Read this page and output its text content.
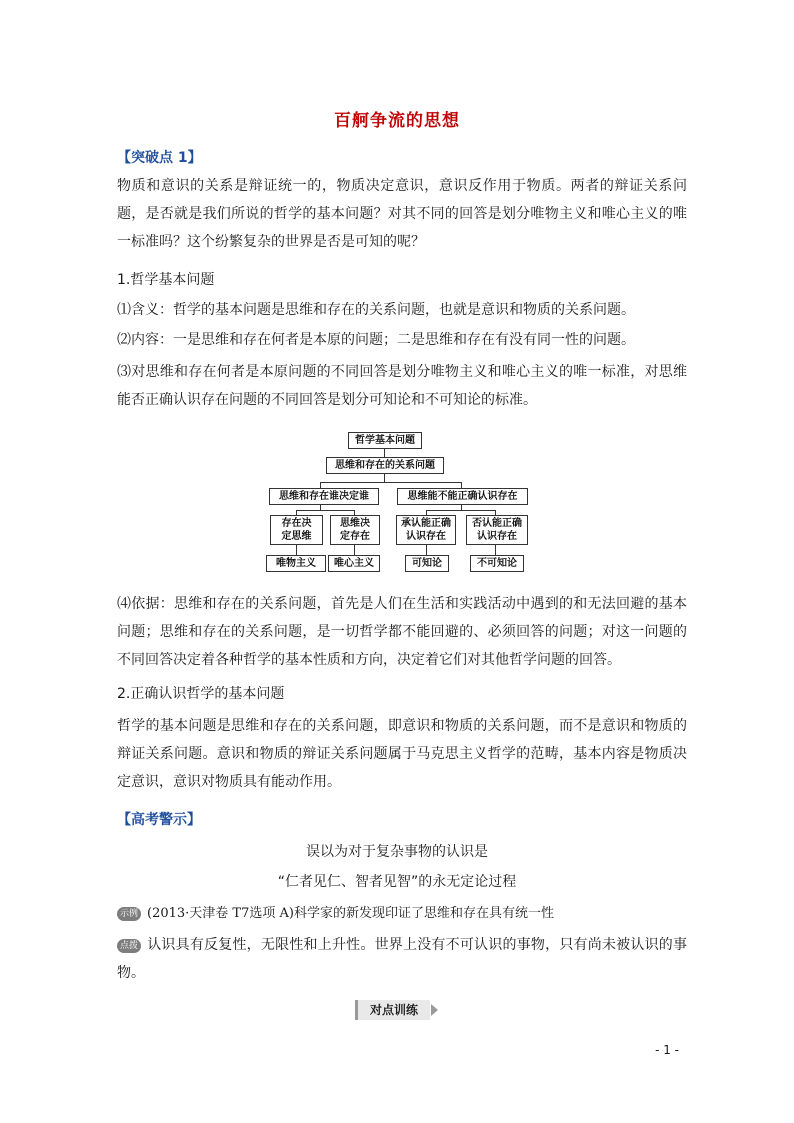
百舸争流的思想
【突破点 1】

物质和意识的关系是辩证统一的，物质决定意识，意识反作用于物质。两者的辩证关系问题，是否就是我们所说的哲学的基本问题？对其不同的回答是划分唯物主义和唯心主义的唯一标准吗？这个纷繁复杂的世界是否是可知的呢？

1.哲学基本问题
⑴含义：哲学的基本问题是思维和存在的关系问题，也就是意识和物质的关系问题。
⑵内容：一是思维和存在何者是本原的问题；二是思维和存在有没有同一性的问题。

⑶对思维和存在何者是本原问题的不同回答是划分唯物主义和唯心主义的唯一标准，对思维能否正确认识存在问题的不同回答是划分可知论和不可知论的标准。

哲学基本问题
思维和存在的关系问题
思维和存在谁决定谁	思维能不能正确认识存在
存在决定思维
思维决定存在
承认能正确认识存在
否认能正确认识存在
唯物主义	唯心主义	可知论	不可知论

⑷依据：思维和存在的关系问题，首先是人们在生活和实践活动中遇到的和无法回避的基本问题；思维和存在的关系问题，是一切哲学都不能回避的、必须回答的问题；对这一问题的不同回答决定着各种哲学的基本性质和方向，决定着它们对其他哲学问题的回答。

2.正确认识哲学的基本问题

哲学的基本问题是思维和存在的关系问题，即意识和物质的关系问题，而不是意识和物质的辩证关系问题。意识和物质的辩证关系问题属于马克思主义哲学的范畴，基本内容是物质决定意识，意识对物质具有能动作用。

【高考警示】
误以为对于复杂事物的认识是
“仁者见仁、智者见智”的永无定论过程
示例 (2013·天津卷 T7选项 A)科学家的新发现印证了思维和存在具有统一性
点拨 认识具有反复性，无限性和上升性。世界上没有不可认识的事物，只有尚未被认识的事物。
对点训练
- 1 -
